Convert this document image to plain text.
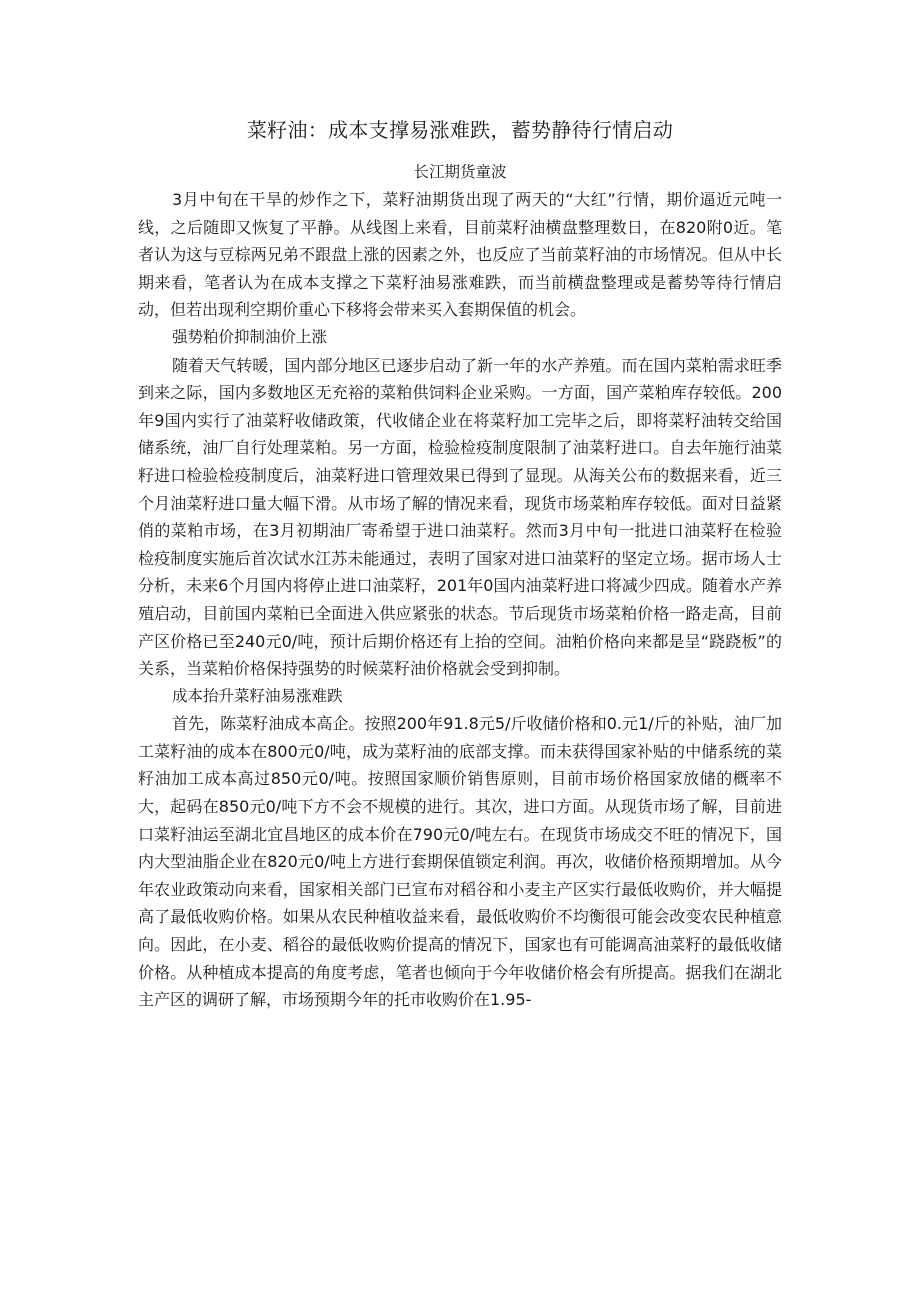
菜籽油：成本支撑易涨难跌，蓄势静待行情启动
长江期货童波

3月中旬在干旱的炒作之下，菜籽油期货出现了两天的“大红”行情，期价逼近元吨一线，之后随即又恢复了平静。从线图上来看，目前菜籽油横盘整理数日，在820附0近。笔者认为这与豆棕两兄弟不跟盘上涨的因素之外，也反应了当前菜籽油的市场情况。但从中长期来看，笔者认为在成本支撑之下菜籽油易涨难跌，而当前横盘整理或是蓄势等待行情启动，但若出现利空期价重心下移将会带来买入套期保值的机会。

强势粕价抑制油价上涨

随着天气转暖，国内部分地区已逐步启动了新一年的水产养殖。而在国内菜粕需求旺季到来之际，国内多数地区无充裕的菜粕供饲料企业采购。一方面，国产菜粕库存较低。200年9国内实行了油菜籽收储政策，代收储企业在将菜籽加工完毕之后，即将菜籽油转交给国储系统，油厂自行处理菜粕。另一方面，检验检疫制度限制了油菜籽进口。自去年施行油菜籽进口检验检疫制度后，油菜籽进口管理效果已得到了显现。从海关公布的数据来看，近三个月油菜籽进口量大幅下滑。从市场了解的情况来看，现货市场菜粕库存较低。面对日益紧俏的菜粕市场，在3月初期油厂寄希望于进口油菜籽。然而3月中旬一批进口油菜籽在检验检疫制度实施后首次试水江苏未能通过，表明了国家对进口油菜籽的坚定立场。据市场人士分析，未来6个月国内将停止进口油菜籽，201年0国内油菜籽进口将减少四成。随着水产养殖启动，目前国内菜粕已全面进入供应紧张的状态。节后现货市场菜粕价格一路走高，目前产区价格已至240元0/吨，预计后期价格还有上抬的空间。油粕价格向来都是呈“跷跷板”的关系，当菜粕价格保持强势的时候菜籽油价格就会受到抑制。

成本抬升菜籽油易涨难跌

首先，陈菜籽油成本高企。按照200年91.8元5/斤收储价格和0.元1/斤的补贴，油厂加工菜籽油的成本在800元0/吨，成为菜籽油的底部支撑。而未获得国家补贴的中储系统的菜籽油加工成本高过850元0/吨。按照国家顺价销售原则，目前市场价格国家放储的概率不大，起码在850元0/吨下方不会不规模的进行。其次，进口方面。从现货市场了解，目前进口菜籽油运至湖北宜昌地区的成本价在790元0/吨左右。在现货市场成交不旺的情况下，国内大型油脂企业在820元0/吨上方进行套期保值锁定利润。再次，收储价格预期增加。从今年农业政策动向来看，国家相关部门已宣布对稻谷和小麦主产区实行最低收购价，并大幅提高了最低收购价格。如果从农民种植收益来看，最低收购价不均衡很可能会改变农民种植意向。因此，在小麦、稻谷的最低收购价提高的情况下，国家也有可能调高油菜籽的最低收储价格。从种植成本提高的角度考虑，笔者也倾向于今年收储价格会有所提高。据我们在湖北主产区的调研了解，市场预期今年的托市收购价在1.95-
